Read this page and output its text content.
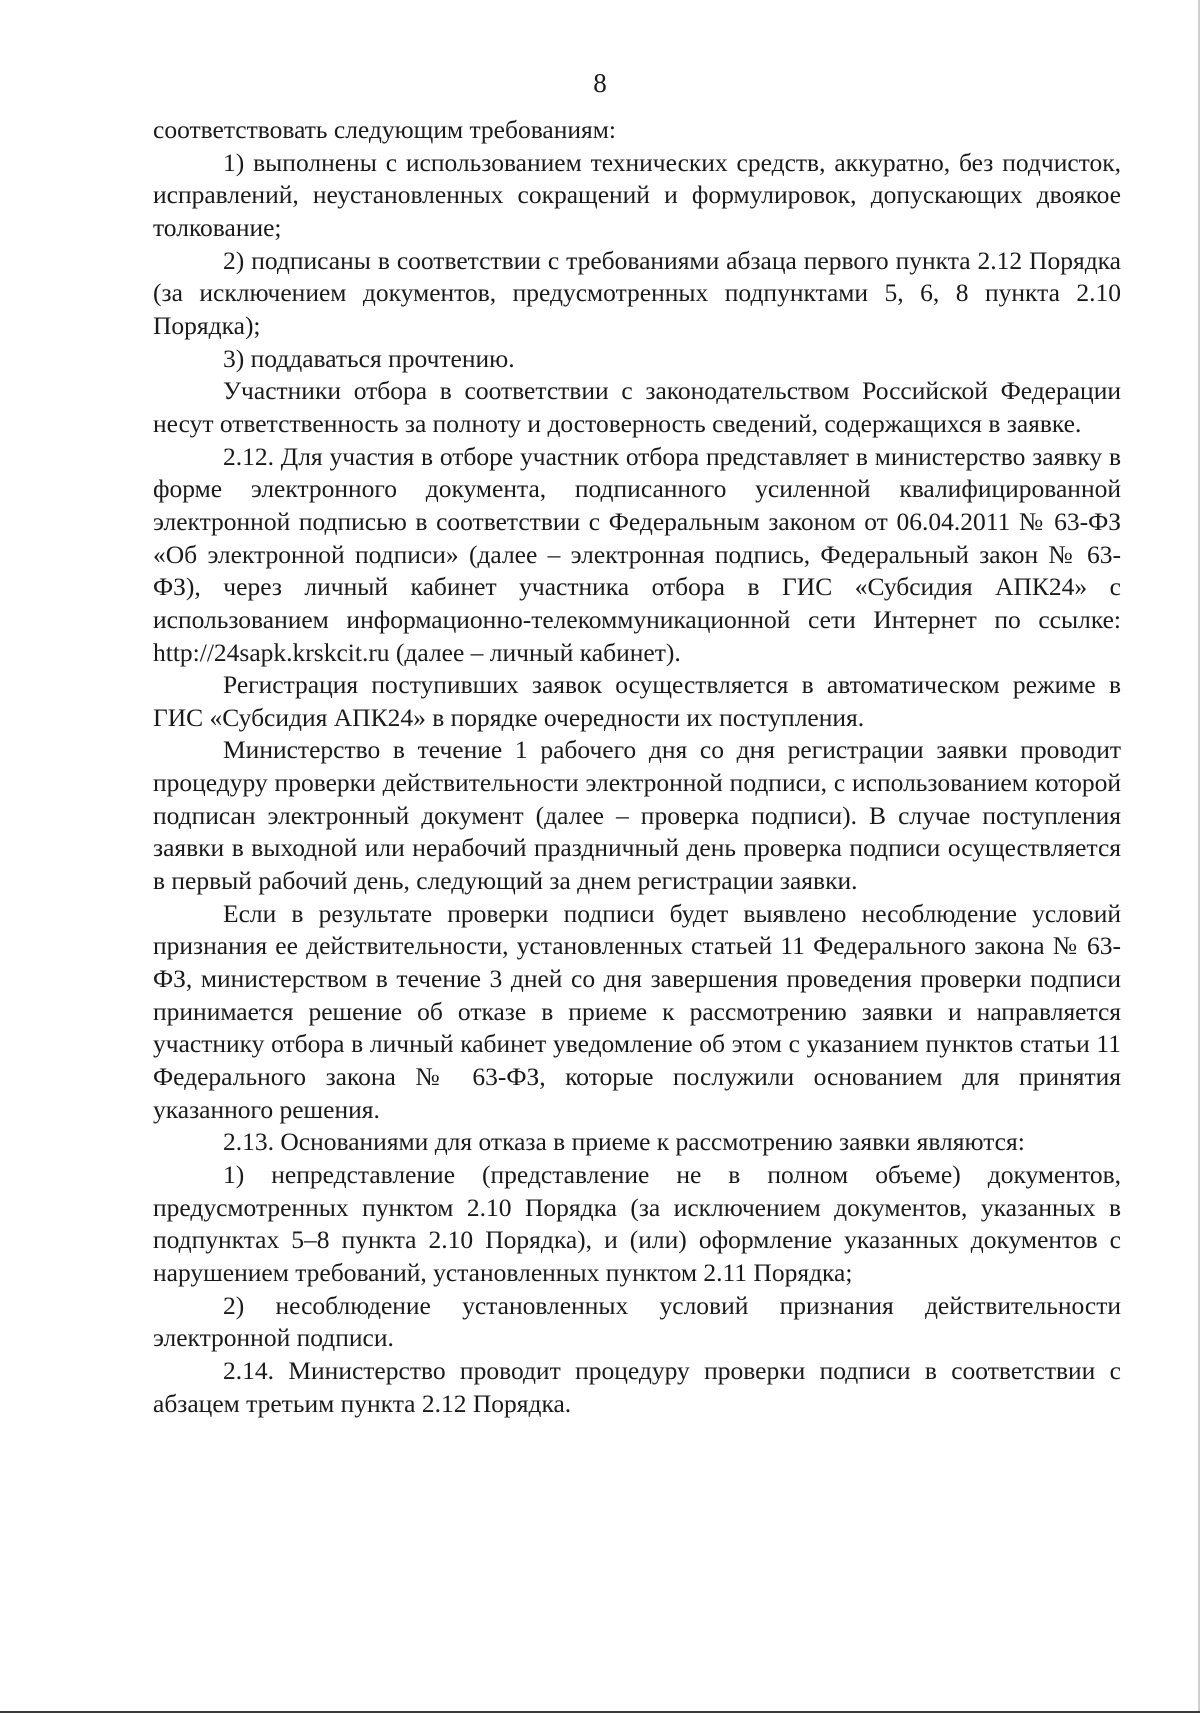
8

соответствовать следующим требованиям:

1) выполнены с использованием технических средств, аккуратно, без подчисток, исправлений, неустановленных сокращений и формулировок, допускающих двоякое толкование;

2) подписаны в соответствии с требованиями абзаца первого пункта 2.12 Порядка (за исключением документов, предусмотренных подпунктами 5, 6, 8 пункта 2.10 Порядка);

3) поддаваться прочтению.

Участники отбора в соответствии с законодательством Российской Федерации несут ответственность за полноту и достоверность сведений, содержащихся в заявке.

2.12. Для участия в отборе участник отбора представляет в министерство заявку в форме электронного документа, подписанного усиленной квалифицированной электронной подписью в соответствии с Федеральным законом от 06.04.2011 № 63-ФЗ «Об электронной подписи» (далее – электронная подпись, Федеральный закон № 63-ФЗ), через личный кабинет участника отбора в ГИС «Субсидия АПК24» с использованием информационно-телекоммуникационной сети Интернет по ссылке: http://24sapk.krskcit.ru (далее – личный кабинет).

Регистрация поступивших заявок осуществляется в автоматическом режиме в ГИС «Субсидия АПК24» в порядке очередности их поступления.

Министерство в течение 1 рабочего дня со дня регистрации заявки проводит процедуру проверки действительности электронной подписи, с использованием которой подписан электронный документ (далее – проверка подписи). В случае поступления заявки в выходной или нерабочий праздничный день проверка подписи осуществляется в первый рабочий день, следующий за днем регистрации заявки.

Если в результате проверки подписи будет выявлено несоблюдение условий признания ее действительности, установленных статьей 11 Федерального закона № 63-ФЗ, министерством в течение 3 дней со дня завершения проведения проверки подписи принимается решение об отказе в приеме к рассмотрению заявки и направляется участнику отбора в личный кабинет уведомление об этом с указанием пунктов статьи 11 Федерального закона № 63-ФЗ, которые послужили основанием для принятия указанного решения.

2.13. Основаниями для отказа в приеме к рассмотрению заявки являются:

1) непредставление (представление не в полном объеме) документов, предусмотренных пунктом 2.10 Порядка (за исключением документов, указанных в подпунктах 5–8 пункта 2.10 Порядка), и (или) оформление указанных документов с нарушением требований, установленных пунктом 2.11 Порядка;

2) несоблюдение установленных условий признания действительности электронной подписи.

2.14. Министерство проводит процедуру проверки подписи в соответствии с абзацем третьим пункта 2.12 Порядка.
